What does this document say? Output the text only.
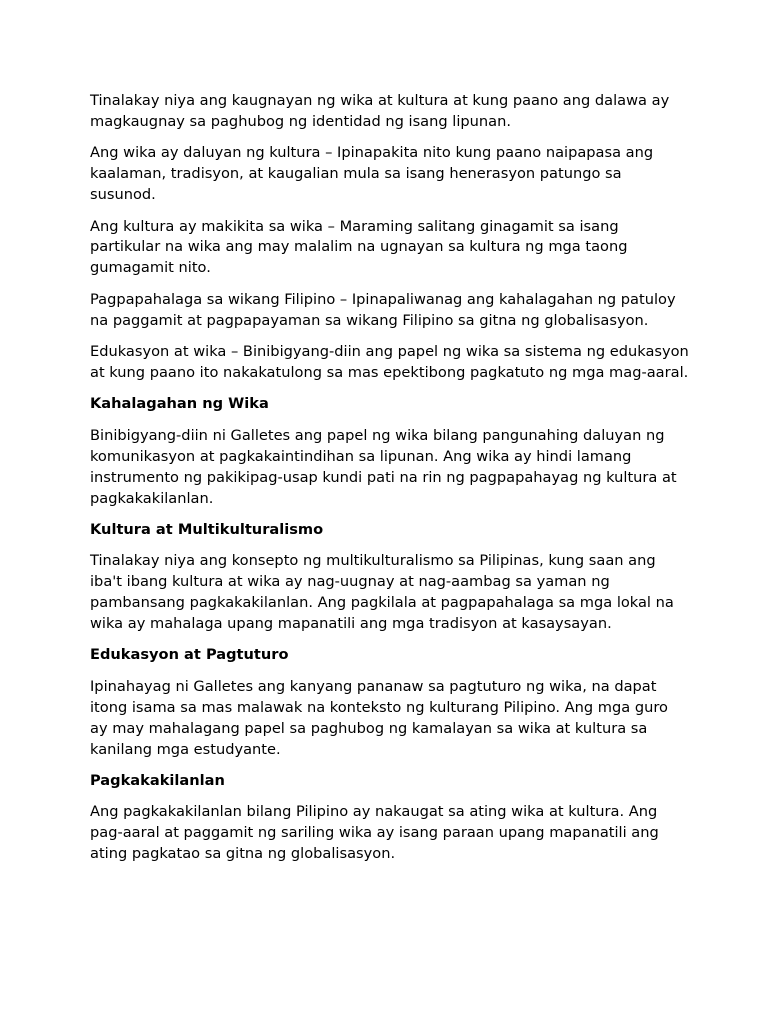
Tinalakay niya ang kaugnayan ng wika at kultura at kung paano ang dalawa ay magkaugnay sa paghubog ng identidad ng isang lipunan.

Ang wika ay daluyan ng kultura – Ipinapakita nito kung paano naipapasa ang kaalaman, tradisyon, at kaugalian mula sa isang henerasyon patungo sa susunod.

Ang kultura ay makikita sa wika – Maraming salitang ginagamit sa isang partikular na wika ang may malalim na ugnayan sa kultura ng mga taong gumagamit nito.

Pagpapahalaga sa wikang Filipino – Ipinapaliwanag ang kahalagahan ng patuloy na paggamit at pagpapayaman sa wikang Filipino sa gitna ng globalisasyon.

Edukasyon at wika – Binibigyang-diin ang papel ng wika sa sistema ng edukasyon at kung paano ito nakakatulong sa mas epektibong pagkatuto ng mga mag-aaral.

Kahalagahan ng Wika

Binibigyang-diin ni Galletes ang papel ng wika bilang pangunahing daluyan ng komunikasyon at pagkakaintindihan sa lipunan. Ang wika ay hindi lamang instrumento ng pakikipag-usap kundi pati na rin ng pagpapahayag ng kultura at pagkakakilanlan.

Kultura at Multikulturalismo

Tinalakay niya ang konsepto ng multikulturalismo sa Pilipinas, kung saan ang iba't ibang kultura at wika ay nag-uugnay at nag-aambag sa yaman ng pambansang pagkakakilanlan. Ang pagkilala at pagpapahalaga sa mga lokal na wika ay mahalaga upang mapanatili ang mga tradisyon at kasaysayan.

Edukasyon at Pagtuturo

Ipinahayag ni Galletes ang kanyang pananaw sa pagtuturo ng wika, na dapat itong isama sa mas malawak na konteksto ng kulturang Pilipino. Ang mga guro ay may mahalagang papel sa paghubog ng kamalayan sa wika at kultura sa kanilang mga estudyante.

Pagkakakilanlan

Ang pagkakakilanlan bilang Pilipino ay nakaugat sa ating wika at kultura. Ang pag-aaral at paggamit ng sariling wika ay isang paraan upang mapanatili ang ating pagkatao sa gitna ng globalisasyon.
